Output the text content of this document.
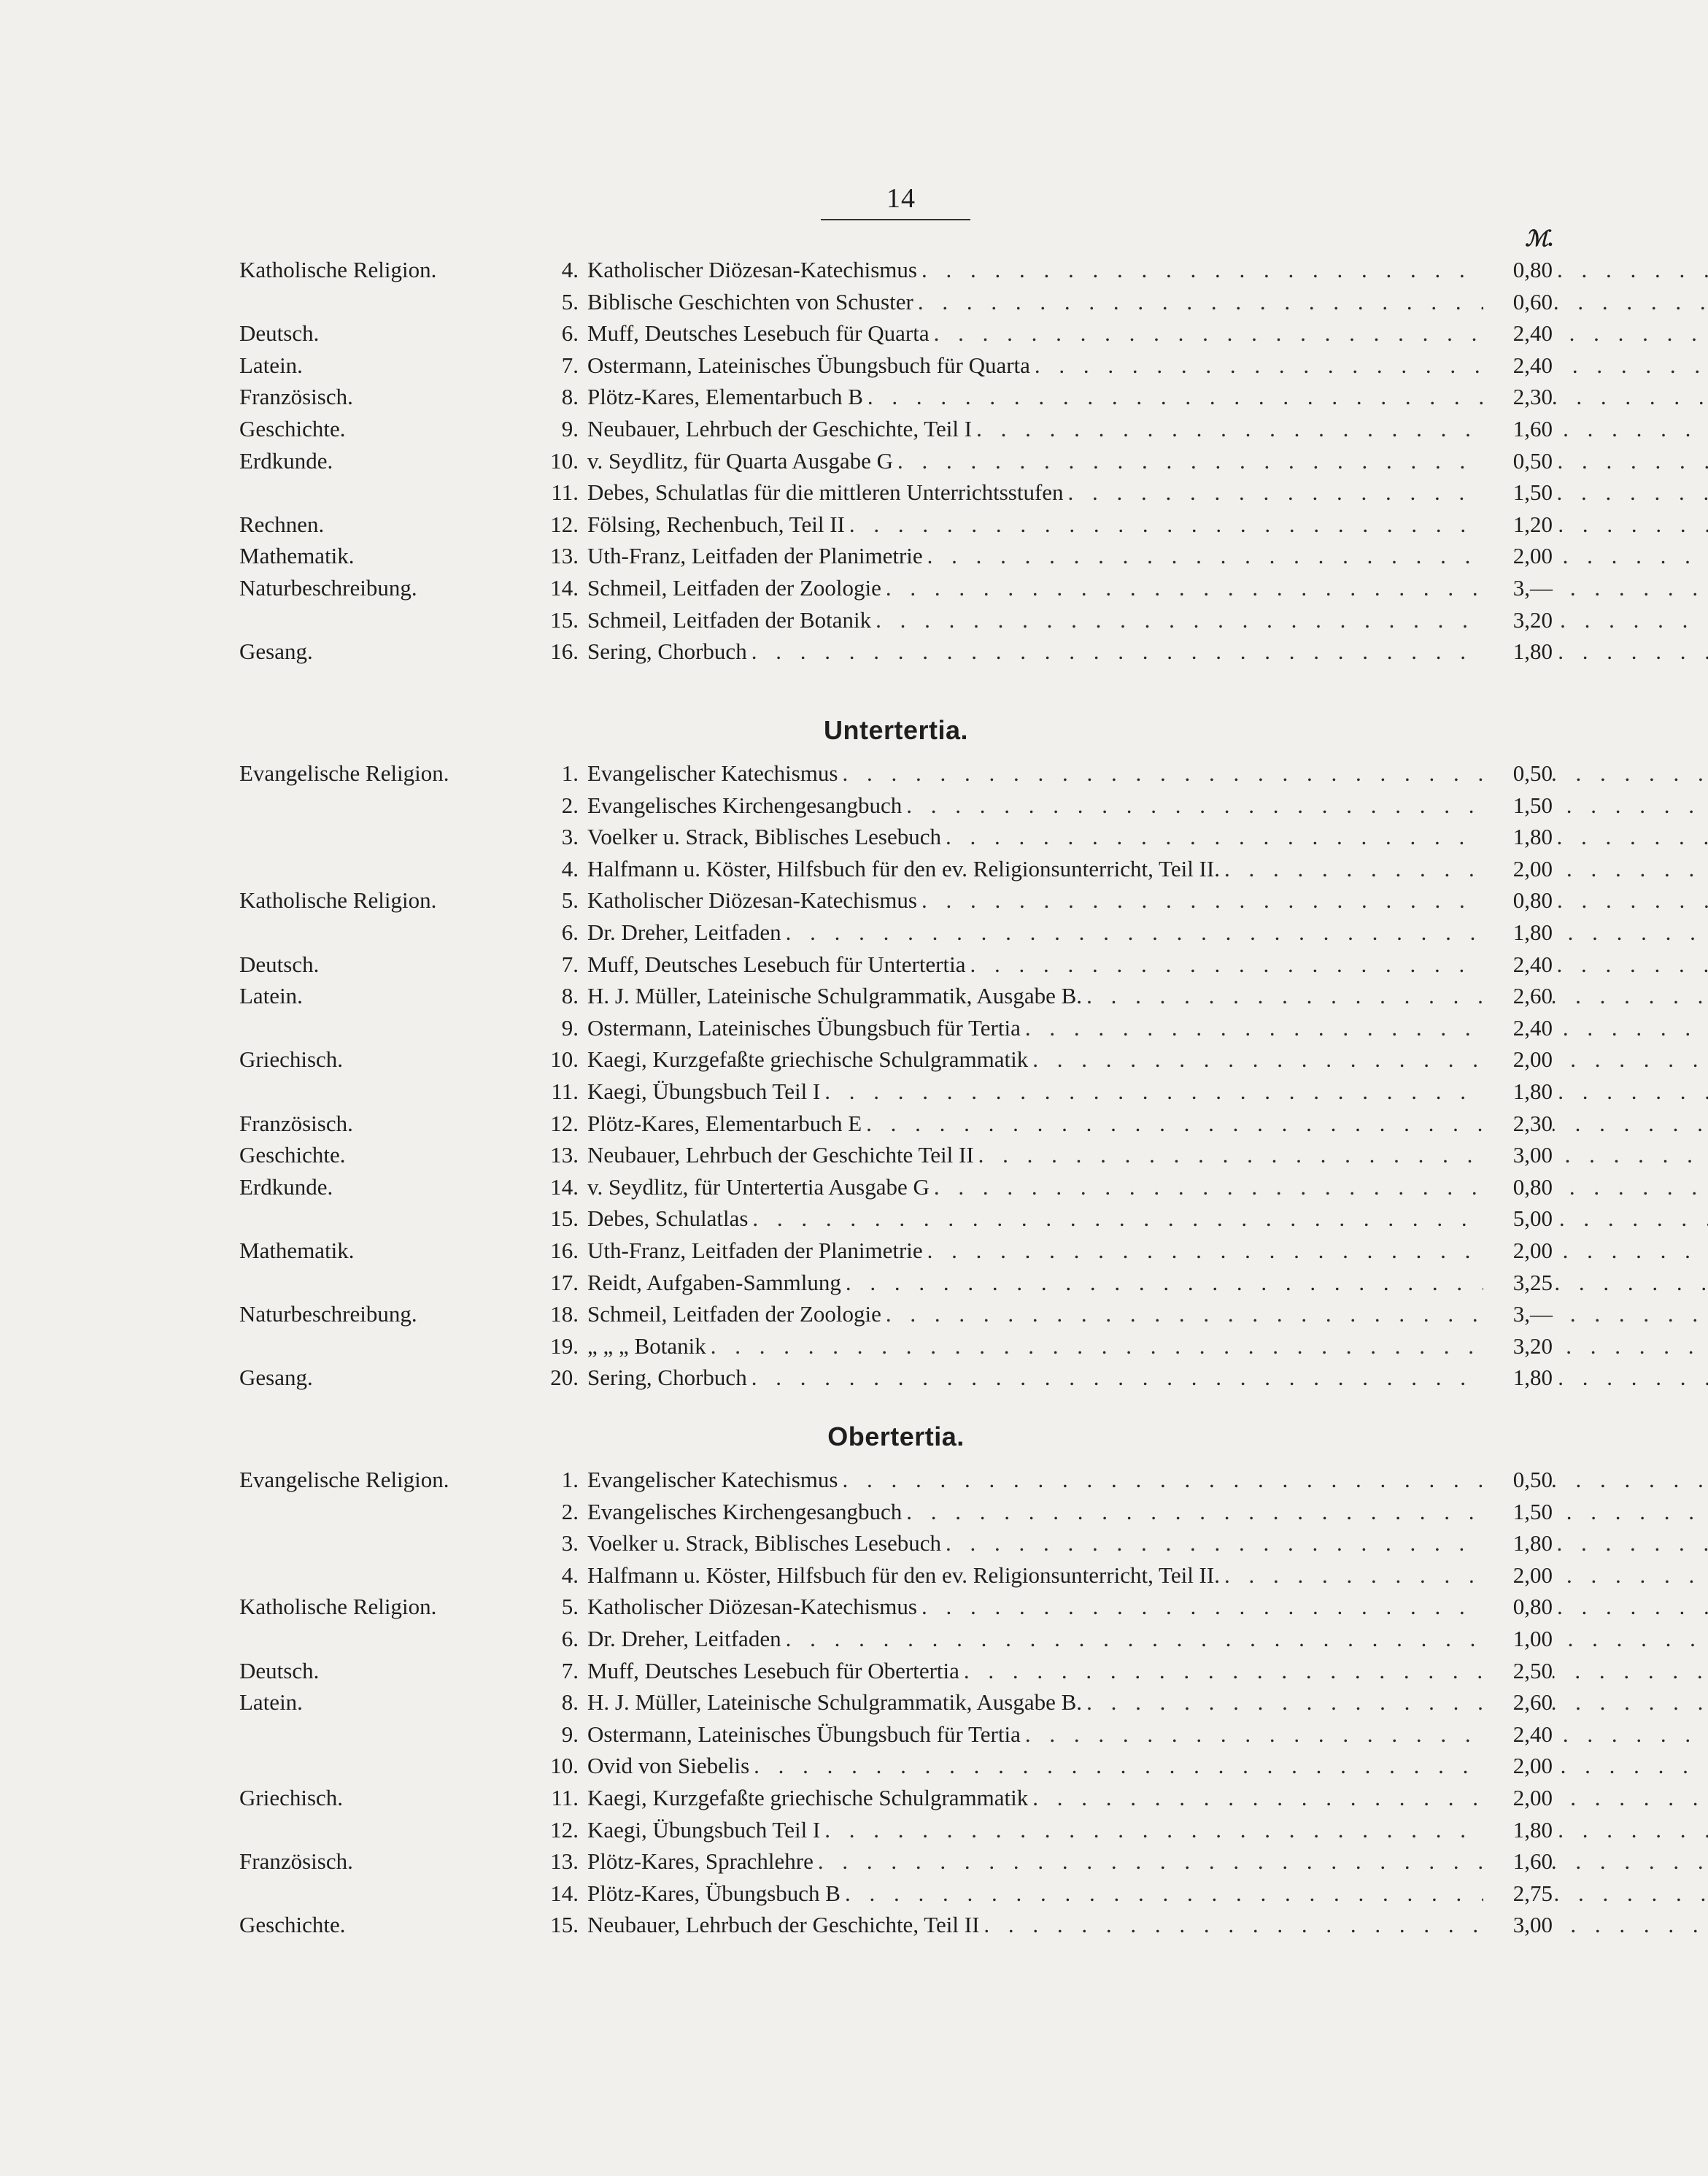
14
ℳ.
Katholische Religion.	4. Katholischer Diözesan-Katechismus . . .	0,80
5. Biblische Geschichten von Schuster . . .	0,60
Deutsch.	6. Muff, Deutsches Lesebuch für Quarta . . .	2,40
Latein.	7. Ostermann, Lateinisches Übungsbuch für Quarta . . .	2,40
Französisch.	8. Plötz-Kares, Elementarbuch B . . .	2,30
Geschichte.	9. Neubauer, Lehrbuch der Geschichte, Teil I . . .	1,60
Erdkunde.	10. v. Seydlitz, für Quarta Ausgabe G . . .	0,50
11. Debes, Schulatlas für die mittleren Unterrichtsstufen . . .	1,50
Rechnen.	12. Fölsing, Rechenbuch, Teil II . . .	1,20
Mathematik.	13. Uth-Franz, Leitfaden der Planimetrie . . .	2,00
Naturbeschreibung.	14. Schmeil, Leitfaden der Zoologie . . .	3,—
15. Schmeil, Leitfaden der Botanik . . .	3,20
Gesang.	16. Sering, Chorbuch . . .	1,80
Untertertia.
Evangelische Religion.	1. Evangelischer Katechismus . . .	0,50
2. Evangelisches Kirchengesangbuch . . .	1,50
3. Voelker u. Strack, Biblisches Lesebuch . . .	1,80
4. Halfmann u. Köster, Hilfsbuch für den ev. Religionsunterricht, Teil II. . . .	2,00
Katholische Religion.	5. Katholischer Diözesan-Katechismus . . .	0,80
6. Dr. Dreher, Leitfaden . . .	1,80
Deutsch.	7. Muff, Deutsches Lesebuch für Untertertia . . .	2,40
Latein.	8. H. J. Müller, Lateinische Schulgrammatik, Ausgabe B. . . .	2,60
9. Ostermann, Lateinisches Übungsbuch für Tertia . . .	2,40
Griechisch.	10. Kaegi, Kurzgefaßte griechische Schulgrammatik . . .	2,00
11. Kaegi, Übungsbuch Teil I . . .	1,80
Französisch.	12. Plötz-Kares, Elementarbuch E . . .	2,30
Geschichte.	13. Neubauer, Lehrbuch der Geschichte Teil II . . .	3,00
Erdkunde.	14. v. Seydlitz, für Untertertia Ausgabe G . . .	0,80
15. Debes, Schulatlas . . .	5,00
Mathematik.	16. Uth-Franz, Leitfaden der Planimetrie . . .	2,00
17. Reidt, Aufgaben-Sammlung . . .	3,25
Naturbeschreibung.	18. Schmeil, Leitfaden der Zoologie . . .	3,—
19. „ „ „ Botanik . . .	3,20
Gesang.	20. Sering, Chorbuch . . .	1,80
Obertertia.
Evangelische Religion.	1. Evangelischer Katechismus . . .	0,50
2. Evangelisches Kirchengesangbuch . . .	1,50
3. Voelker u. Strack, Biblisches Lesebuch . . .	1,80
4. Halfmann u. Köster, Hilfsbuch für den ev. Religionsunterricht, Teil II. . . .	2,00
Katholische Religion.	5. Katholischer Diözesan-Katechismus . . .	0,80
6. Dr. Dreher, Leitfaden . . .	1,00
Deutsch.	7. Muff, Deutsches Lesebuch für Obertertia . . .	2,50
Latein.	8. H. J. Müller, Lateinische Schulgrammatik, Ausgabe B. . . .	2,60
9. Ostermann, Lateinisches Übungsbuch für Tertia . . .	2,40
10. Ovid von Siebelis . . .	2,00
Griechisch.	11. Kaegi, Kurzgefaßte griechische Schulgrammatik . . .	2,00
12. Kaegi, Übungsbuch Teil I . . .	1,80
Französisch.	13. Plötz-Kares, Sprachlehre . . .	1,60
14. Plötz-Kares, Übungsbuch B . . .	2,75
Geschichte.	15. Neubauer, Lehrbuch der Geschichte, Teil II . . .	3,00
